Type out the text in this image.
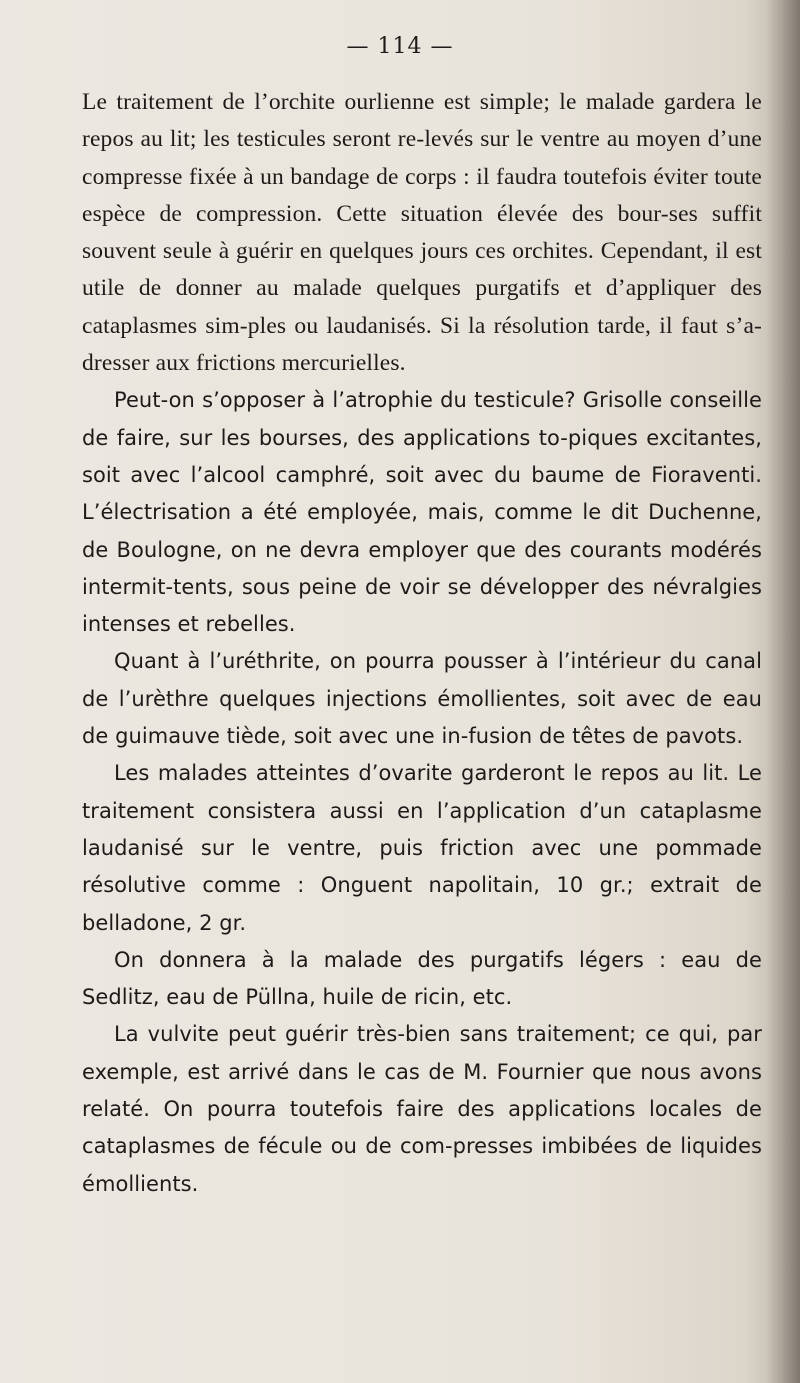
— 114 —

Le traitement de l’orchite ourlienne est simple; le malade gardera le repos au lit; les testicules seront re-levés sur le ventre au moyen d’une compresse fixée à un bandage de corps : il faudra toutefois éviter toute espèce de compression. Cette situation élevée des bour-ses suffit souvent seule à guérir en quelques jours ces orchites. Cependant, il est utile de donner au malade quelques purgatifs et d’appliquer des cataplasmes sim-ples ou laudanisés. Si la résolution tarde, il faut s’a-dresser aux frictions mercurielles.

Peut-on s’opposer à l’atrophie du testicule? Grisolle conseille de faire, sur les bourses, des applications to-piques excitantes, soit avec l’alcool camphré, soit avec du baume de Fioraventi. L’électrisation a été employée, mais, comme le dit Duchenne, de Boulogne, on ne devra employer que des courants modérés intermit-tents, sous peine de voir se développer des névralgies intenses et rebelles.

Quant à l’uréthrite, on pourra pousser à l’intérieur du canal de l’urèthre quelques injections émollientes, soit avec de eau de guimauve tiède, soit avec une in-fusion de têtes de pavots.

Les malades atteintes d’ovarite garderont le repos au lit. Le traitement consistera aussi en l’application d’un cataplasme laudanisé sur le ventre, puis friction avec une pommade résolutive comme : Onguent napolitain, 10 gr.; extrait de belladone, 2 gr.

On donnera à la malade des purgatifs légers : eau de Sedlitz, eau de Püllna, huile de ricin, etc.

La vulvite peut guérir très-bien sans traitement; ce qui, par exemple, est arrivé dans le cas de M. Fournier que nous avons relaté. On pourra toutefois faire des applications locales de cataplasmes de fécule ou de com-presses imbibées de liquides émollients.
